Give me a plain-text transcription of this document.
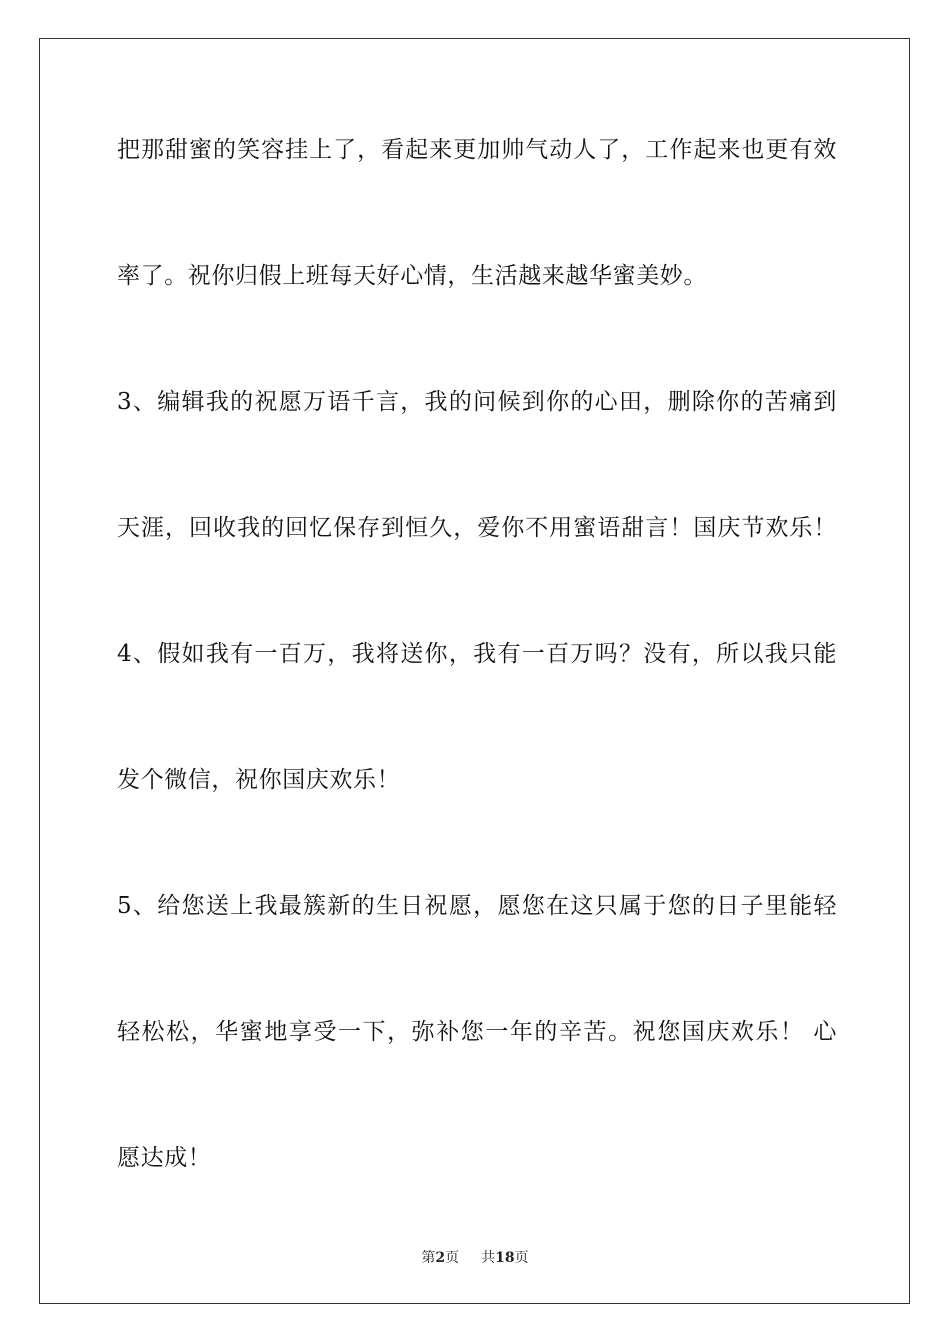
把那甜蜜的笑容挂上了，看起来更加帅气动人了，工作起来也更有效
率了。祝你归假上班每天好心情，生活越来越华蜜美妙。
3、编辑我的祝愿万语千言，我的问候到你的心田，删除你的苦痛到
天涯，回收我的回忆保存到恒久，爱你不用蜜语甜言！国庆节欢乐！
4、假如我有一百万，我将送你，我有一百万吗？没有，所以我只能
发个微信，祝你国庆欢乐！
5、给您送上我最簇新的生日祝愿，愿您在这只属于您的日子里能轻
轻松松，华蜜地享受一下，弥补您一年的辛苦。祝您国庆欢乐！ 心
愿达成！
第2页 共18页
